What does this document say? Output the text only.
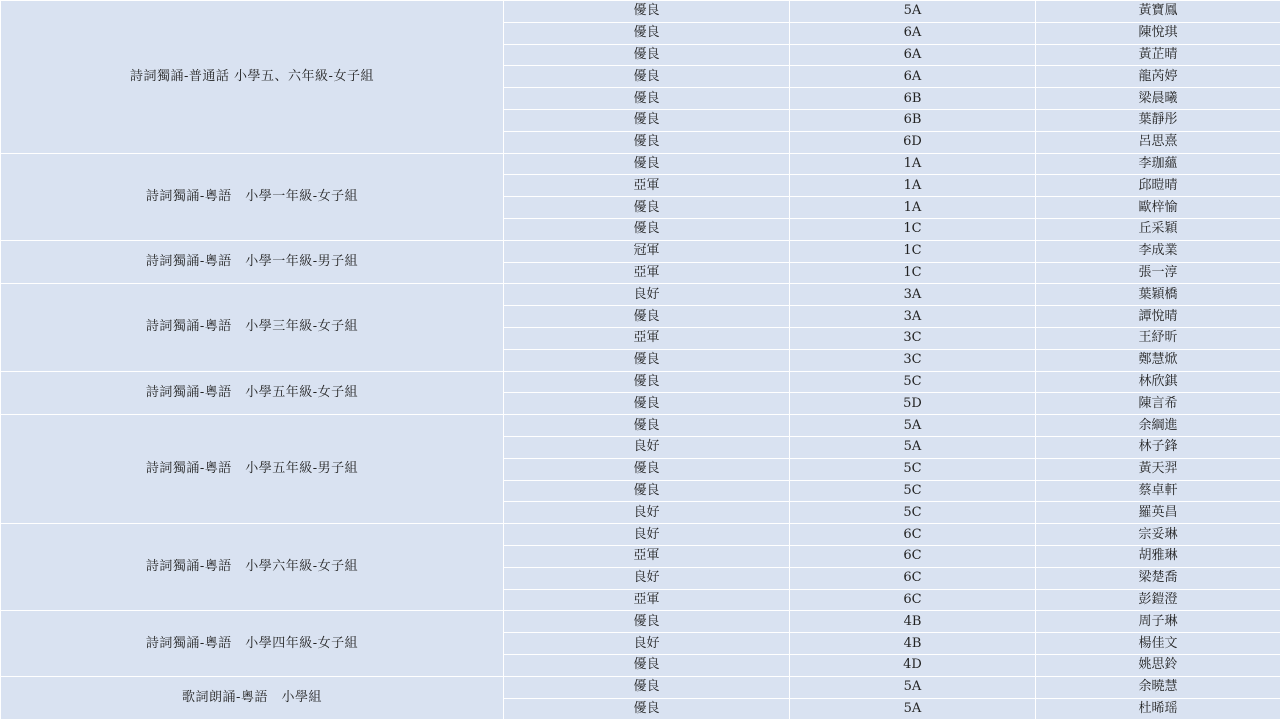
詩詞獨誦-普通話 小學五、六年級-女子組	優良	5A	黃寶鳳
	優良	6A	陳悅琪
	優良	6A	黃芷晴
	優良	6A	龍芮婷
	優良	6B	梁晨曦
	優良	6B	葉靜彤
	優良	6D	呂思熹
詩詞獨誦-粵語　小學一年級-女子組	優良	1A	李珈蘊
	亞軍	1A	邱暟晴
	優良	1A	歐梓愉
	優良	1C	丘采穎
詩詞獨誦-粵語　小學一年級-男子組	冠軍	1C	李成業
	亞軍	1C	張一淳
詩詞獨誦-粵語　小學三年級-女子組	良好	3A	葉穎橋
	優良	3A	譚悅晴
	亞軍	3C	王紓昕
	優良	3C	鄭慧焮
詩詞獨誦-粵語　小學五年級-女子組	優良	5C	林欣錤
	優良	5D	陳言希
詩詞獨誦-粵語　小學五年級-男子組	優良	5A	余綱進
	良好	5A	林子鋒
	優良	5C	黃天羿
	優良	5C	蔡卓軒
	良好	5C	羅英昌
詩詞獨誦-粵語　小學六年級-女子組	良好	6C	宗妥琳
	亞軍	6C	胡雅琳
	良好	6C	梁楚喬
	亞軍	6C	彭鎧澄
詩詞獨誦-粵語　小學四年級-女子組	優良	4B	周子琳
	良好	4B	楊佳文
	優良	4D	姚思鈴
歌詞朗誦-粵語　小學組	優良	5A	余曉慧
	優良	5A	杜晞瑶
